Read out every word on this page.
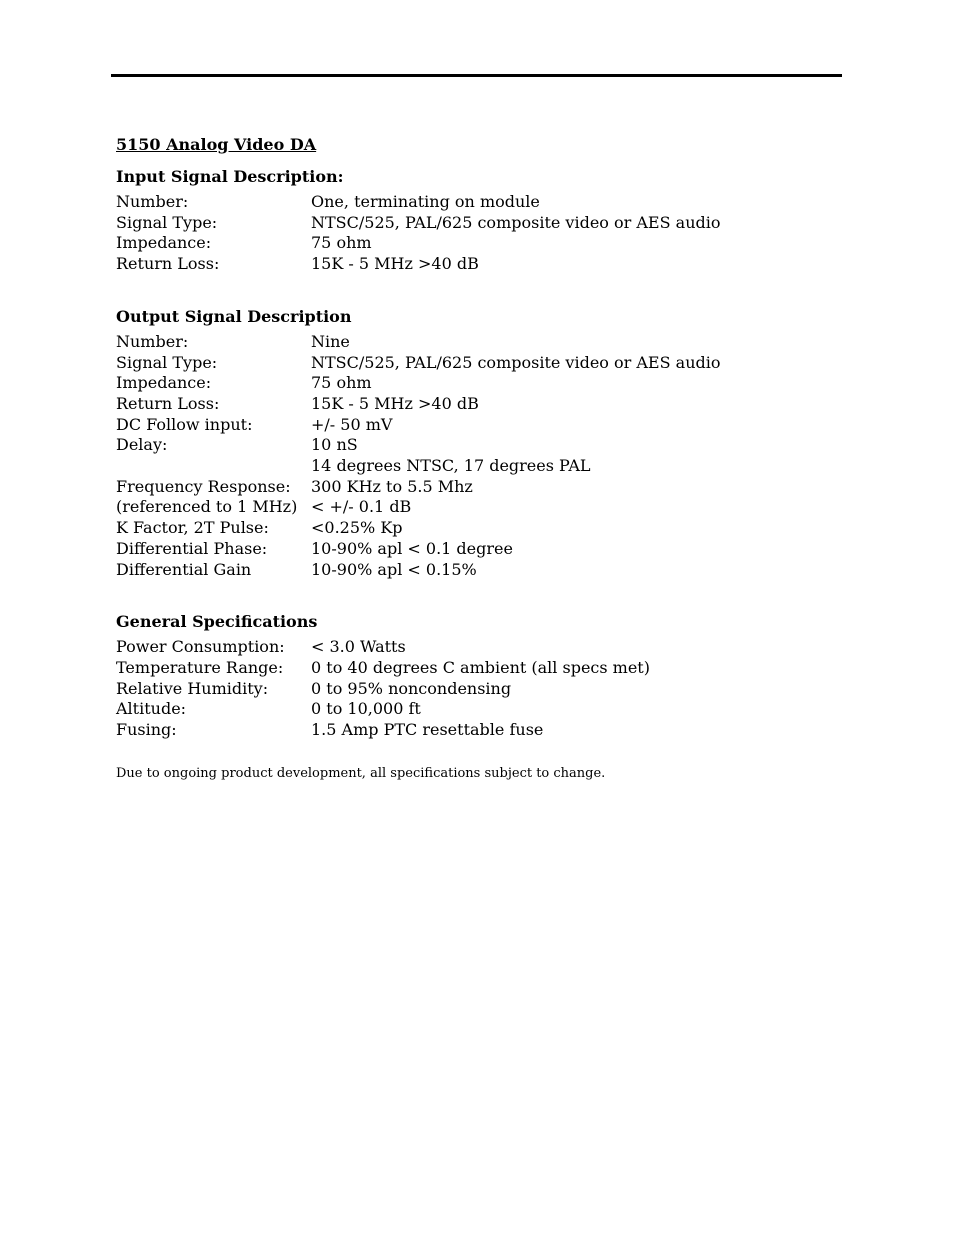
5150 Analog Video DA
Input Signal Description:
Number:	One, terminating on module
Signal Type:	NTSC/525, PAL/625 composite video or AES audio
Impedance:	75 ohm
Return Loss:	15K - 5 MHz >40 dB
Output Signal Description
Number:	Nine
Signal Type:	NTSC/525, PAL/625 composite video or AES audio
Impedance:	75 ohm
Return Loss:	15K - 5 MHz >40 dB
DC Follow input:	+/- 50 mV
Delay:	10 nS
14 degrees NTSC, 17 degrees PAL
Frequency Response:	300 KHz to 5.5 Mhz
(referenced to 1 MHz) < +/- 0.1 dB
K Factor, 2T Pulse:	<0.25% Kp
Differential Phase:	10-90% apl < 0.1 degree
Differential Gain	10-90% apl < 0.15%
General Specifications
Power Consumption:	< 3.0 Watts
Temperature Range:	0 to 40 degrees C ambient (all specs met)
Relative Humidity:	0 to 95% noncondensing
Altitude:	0 to 10,000 ft
Fusing:	1.5 Amp PTC resettable fuse

Due to ongoing product development, all specifications subject to change.
